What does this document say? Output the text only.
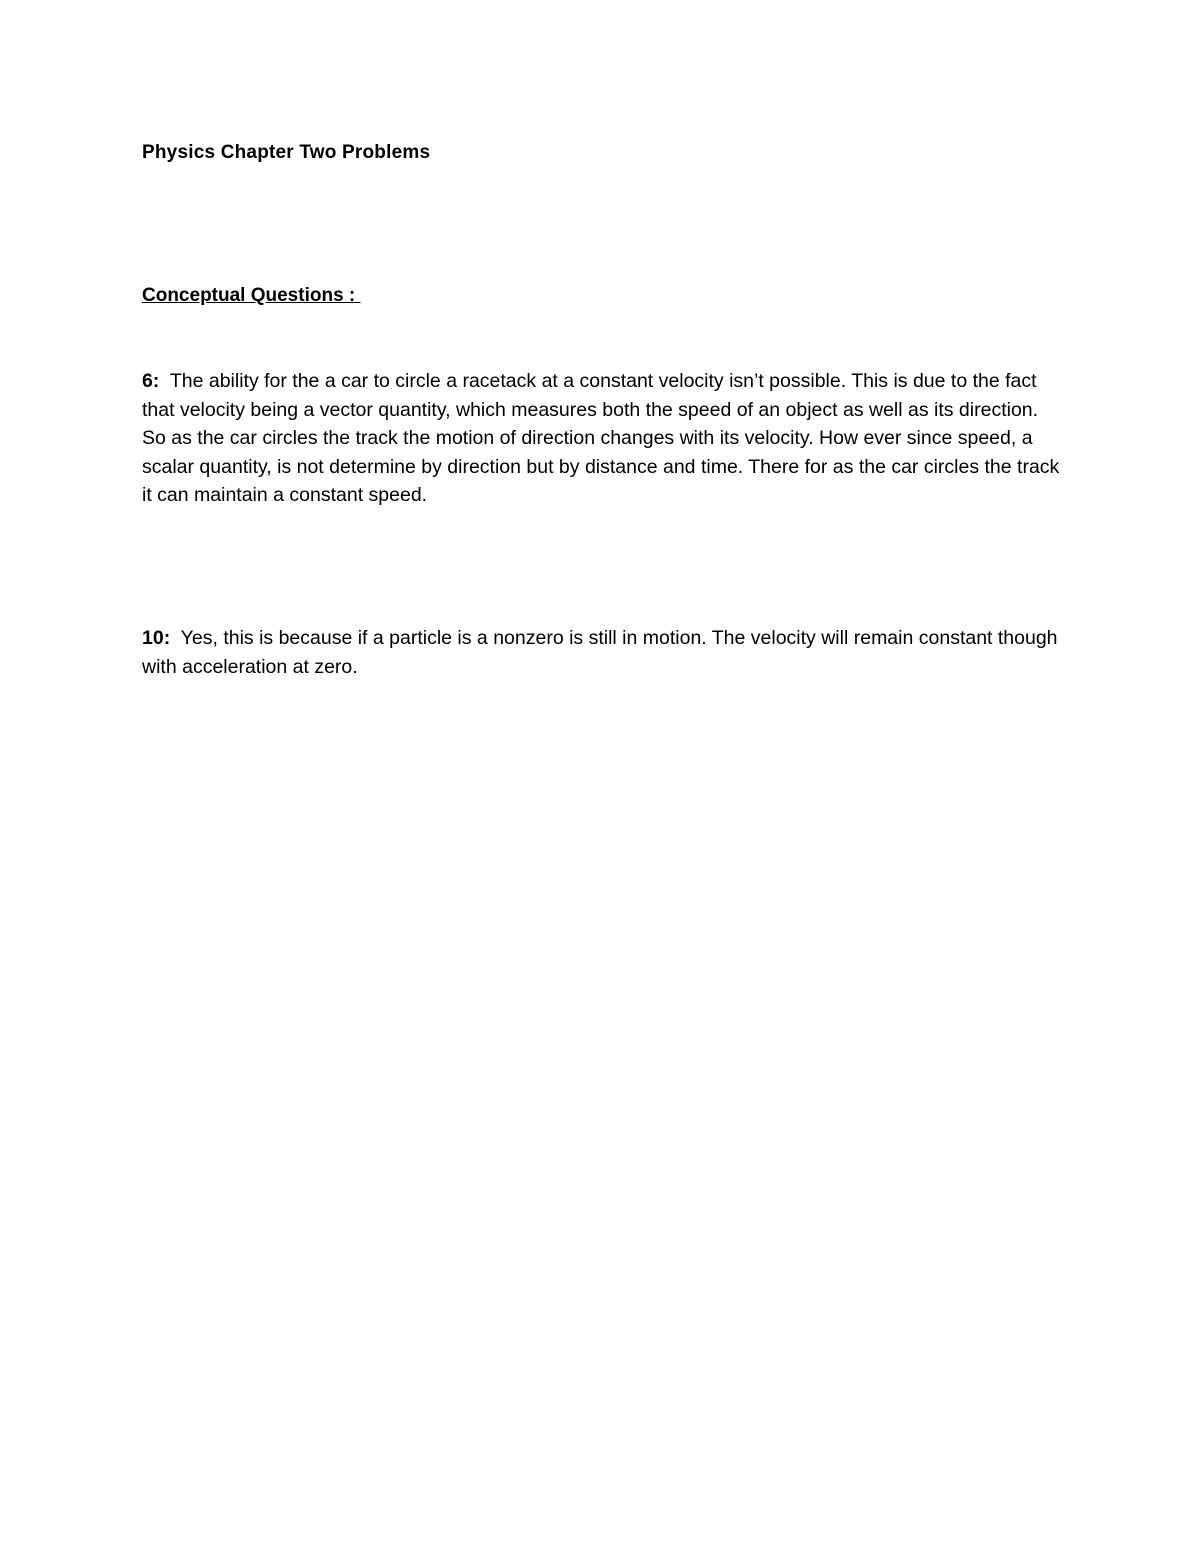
Physics Chapter Two Problems
Conceptual Questions :

6: The ability for the a car to circle a racetack at a constant velocity isn’t possible. This is due to the fact that velocity being a vector quantity, which measures both the speed of an object as well as its direction. So as the car circles the track the motion of direction changes with its velocity. How ever since speed, a scalar quantity, is not determine by direction but by distance and time. There for as the car circles the track it can maintain a constant speed.

10: Yes, this is because if a particle is a nonzero is still in motion. The velocity will remain constant though with acceleration at zero.
